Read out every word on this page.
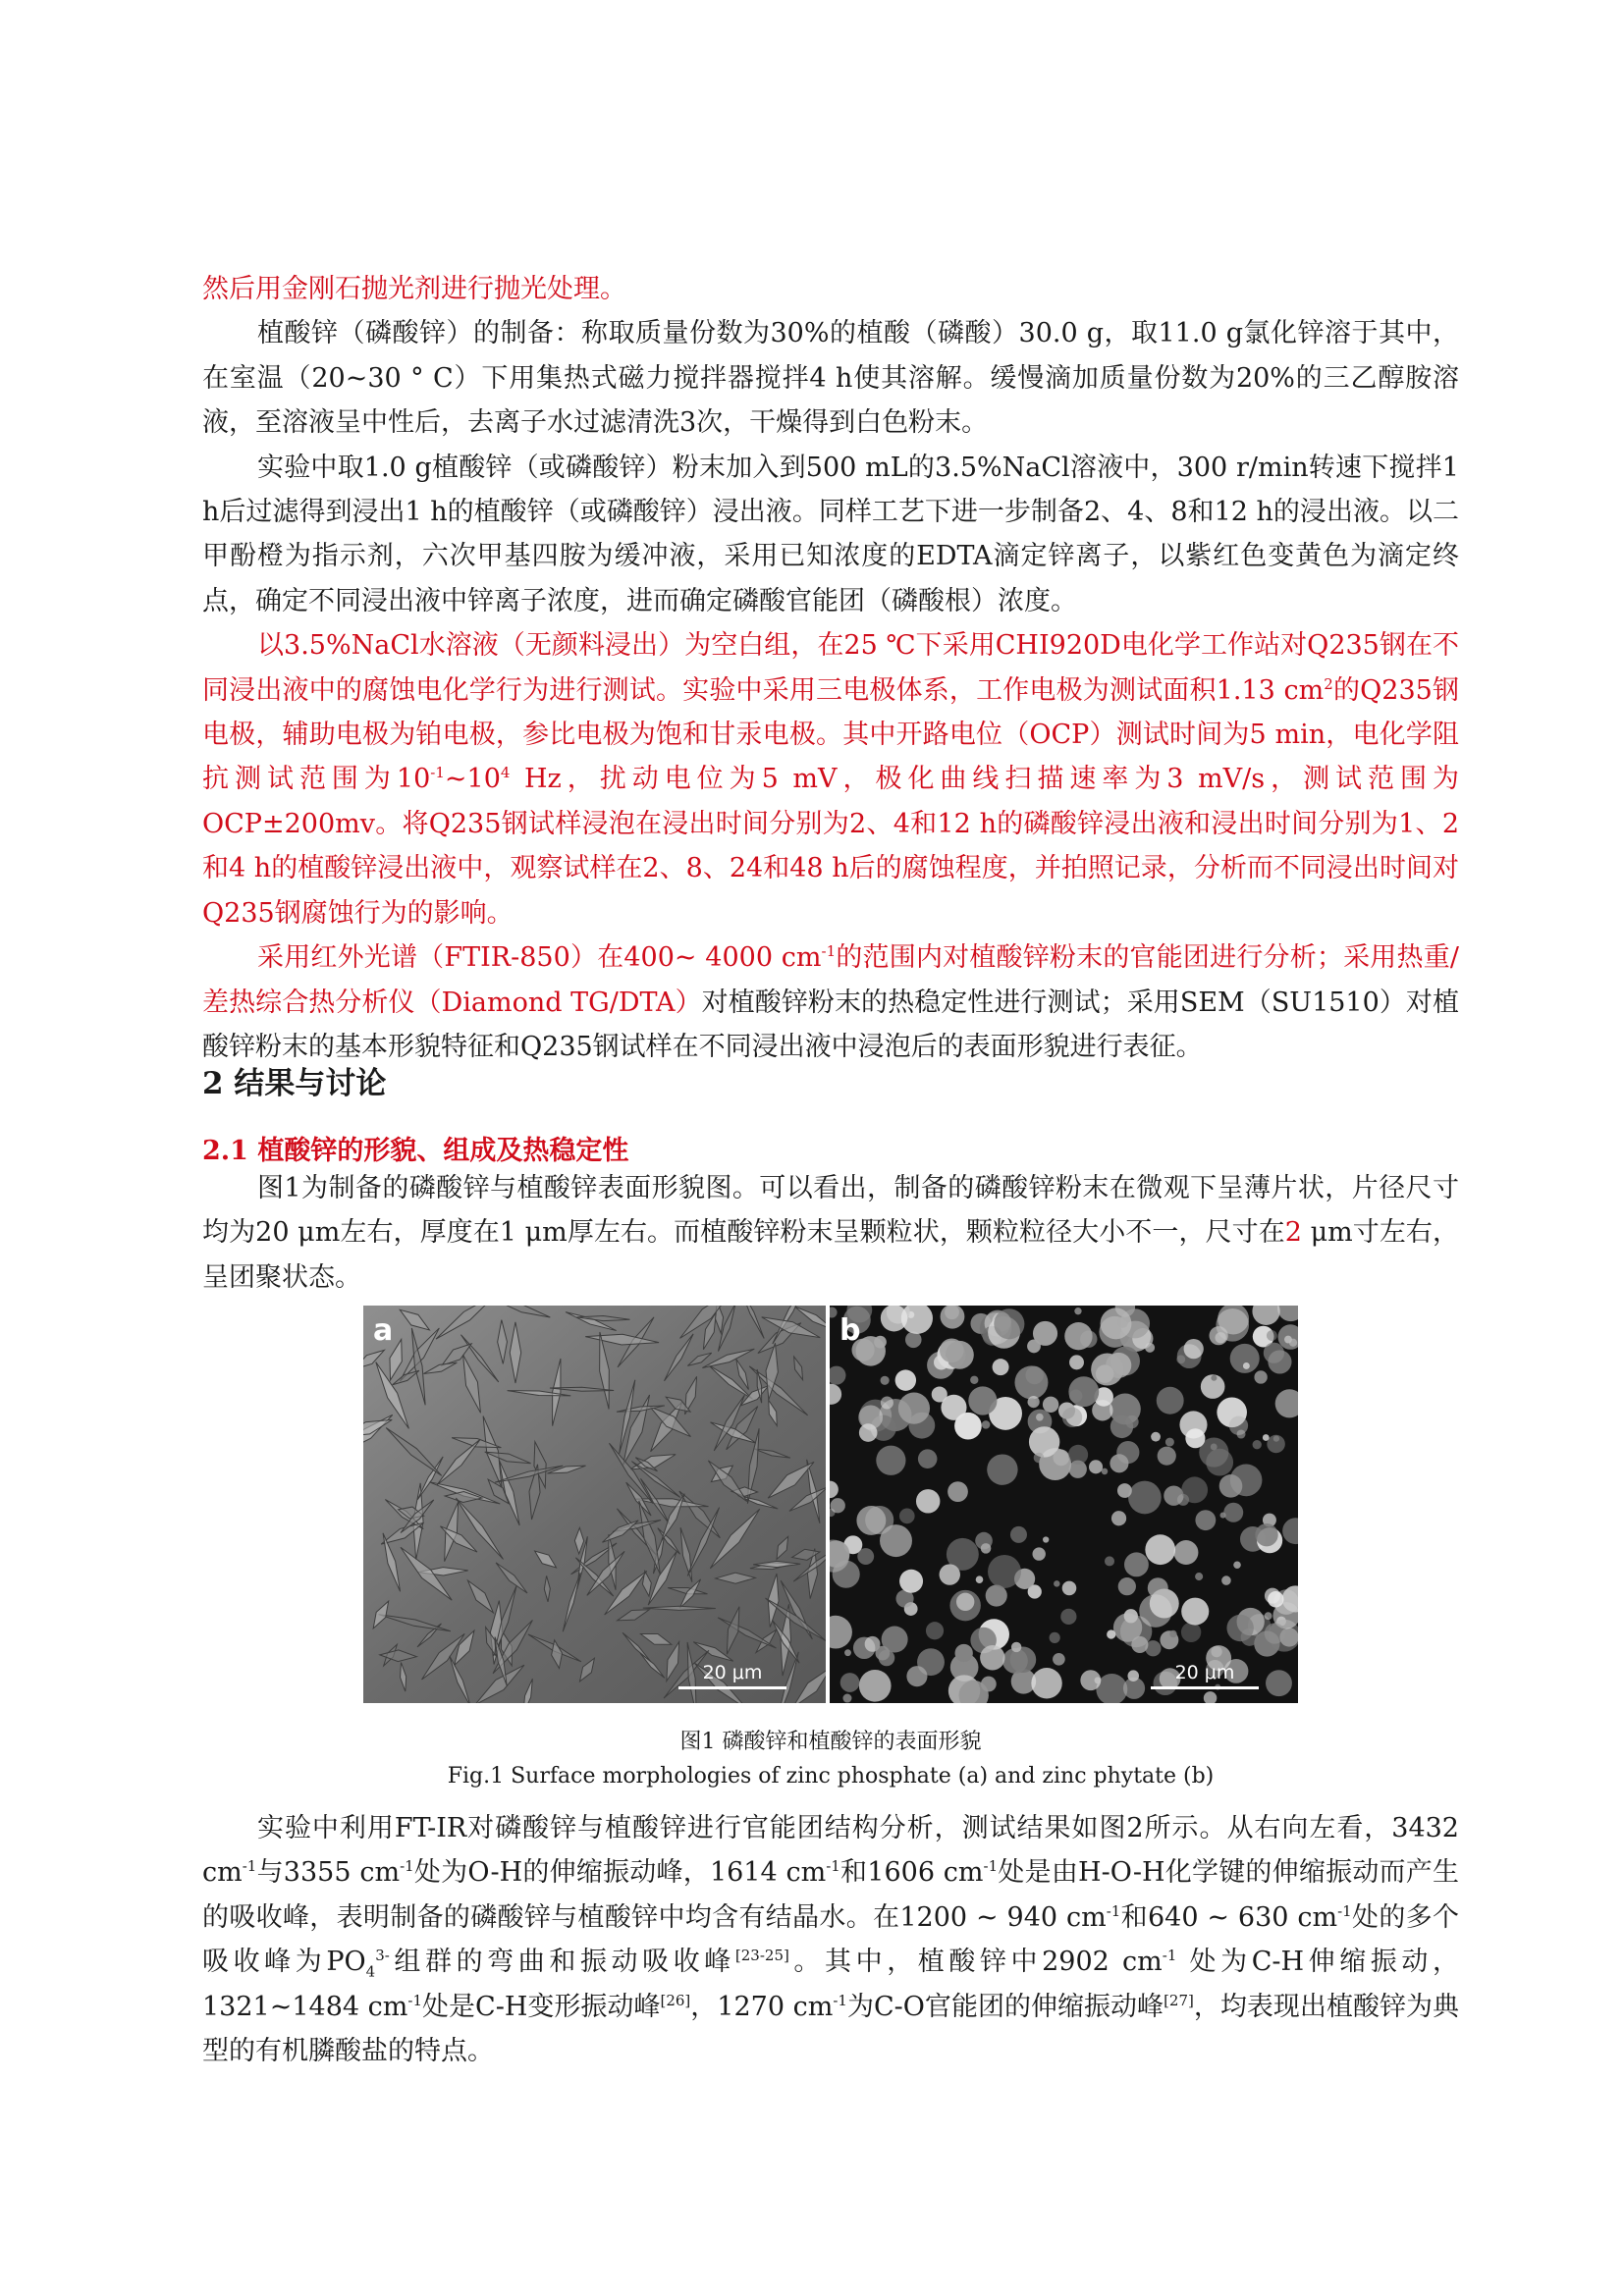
然后用金刚石抛光剂进行抛光处理。

植酸锌（磷酸锌）的制备：称取质量份数为30%的植酸（磷酸）30.0 g，取11.0 g氯化锌溶于其中，在室温（20~30 ° C）下用集热式磁力搅拌器搅拌4 h使其溶解。缓慢滴加质量份数为20%的三乙醇胺溶液，至溶液呈中性后，去离子水过滤清洗3次，干燥得到白色粉末。

实验中取1.0 g植酸锌（或磷酸锌）粉末加入到500 mL的3.5%NaCl溶液中，300 r/min转速下搅拌1 h后过滤得到浸出1 h的植酸锌（或磷酸锌）浸出液。同样工艺下进一步制备2、4、8和12 h的浸出液。以二甲酚橙为指示剂，六次甲基四胺为缓冲液，采用已知浓度的EDTA滴定锌离子，以紫红色变黄色为滴定终点，确定不同浸出液中锌离子浓度，进而确定磷酸官能团（磷酸根）浓度。

以3.5%NaCl水溶液（无颜料浸出）为空白组，在25 ℃下采用CHI920D电化学工作站对Q235钢在不同浸出液中的腐蚀电化学行为进行测试。实验中采用三电极体系，工作电极为测试面积1.13 $cm^2$的Q235钢电极，辅助电极为铂电极，参比电极为饱和甘汞电极。其中开路电位（OCP）测试时间为5 min，电化学阻抗测试范围为$10^{-1}\sim 10^4$ Hz，扰动电位为5 mV，极化曲线扫描速率为3 mV/s，测试范围为OCP±200mv。将Q235钢试样浸泡在浸出时间分别为2、4和12 h的磷酸锌浸出液和浸出时间分别为1、2和4 h的植酸锌浸出液中，观察试样在2、8、24和48 h后的腐蚀程度，并拍照记录，分析而不同浸出时间对Q235钢腐蚀行为的影响。

采用红外光谱（FTIR-850）在400~ 4000 $cm^{-1}$的范围内对植酸锌粉末的官能团进行分析；采用热重/差热综合热分析仪（Diamond TG/DTA）对植酸锌粉末的热稳定性进行测试；采用SEM（SU1510）对植酸锌粉末的基本形貌特征和Q235钢试样在不同浸出液中浸泡后的表面形貌进行表征。

2 结果与讨论
2.1 植酸锌的形貌、组成及热稳定性

图1为制备的磷酸锌与植酸锌表面形貌图。可以看出，制备的磷酸锌粉末在微观下呈薄片状，片径尺寸均为20 μm左右，厚度在1 μm厚左右。而植酸锌粉末呈颗粒状，颗粒粒径大小不一，尺寸在2 μm寸左右，呈团聚状态。

a
20 μm
b
20 μm

图1 磷酸锌和植酸锌的表面形貌

Fig.1 Surface morphologies of zinc phosphate (a) and zinc phytate (b)

实验中利用FT-IR对磷酸锌与植酸锌进行官能团结构分析，测试结果如图2所示。从右向左看，3432 $cm^{-1}$与3355 $cm^{-1}$处为O-H的伸缩振动峰，1614 $cm^{-1}$和1606 $cm^{-1}$处是由H-O-H化学键的伸缩振动而产生的吸收峰，表明制备的磷酸锌与植酸锌中均含有结晶水。在1200 ~ 940 $cm^{-1}$和640 ~ 630 $cm^{-1}$处的多个吸收峰为$PO_4^{3-}$组群的弯曲和振动吸收峰[23-25]。其中，植酸锌中2902 $cm^{-1}$ 处为C-H伸缩振动，1321~1484 $cm^{-1}$处是C-H变形振动峰[26]，1270 $cm^{-1}$为C-O官能团的伸缩振动峰[27]，均表现出植酸锌为典型的有机膦酸盐的特点。
